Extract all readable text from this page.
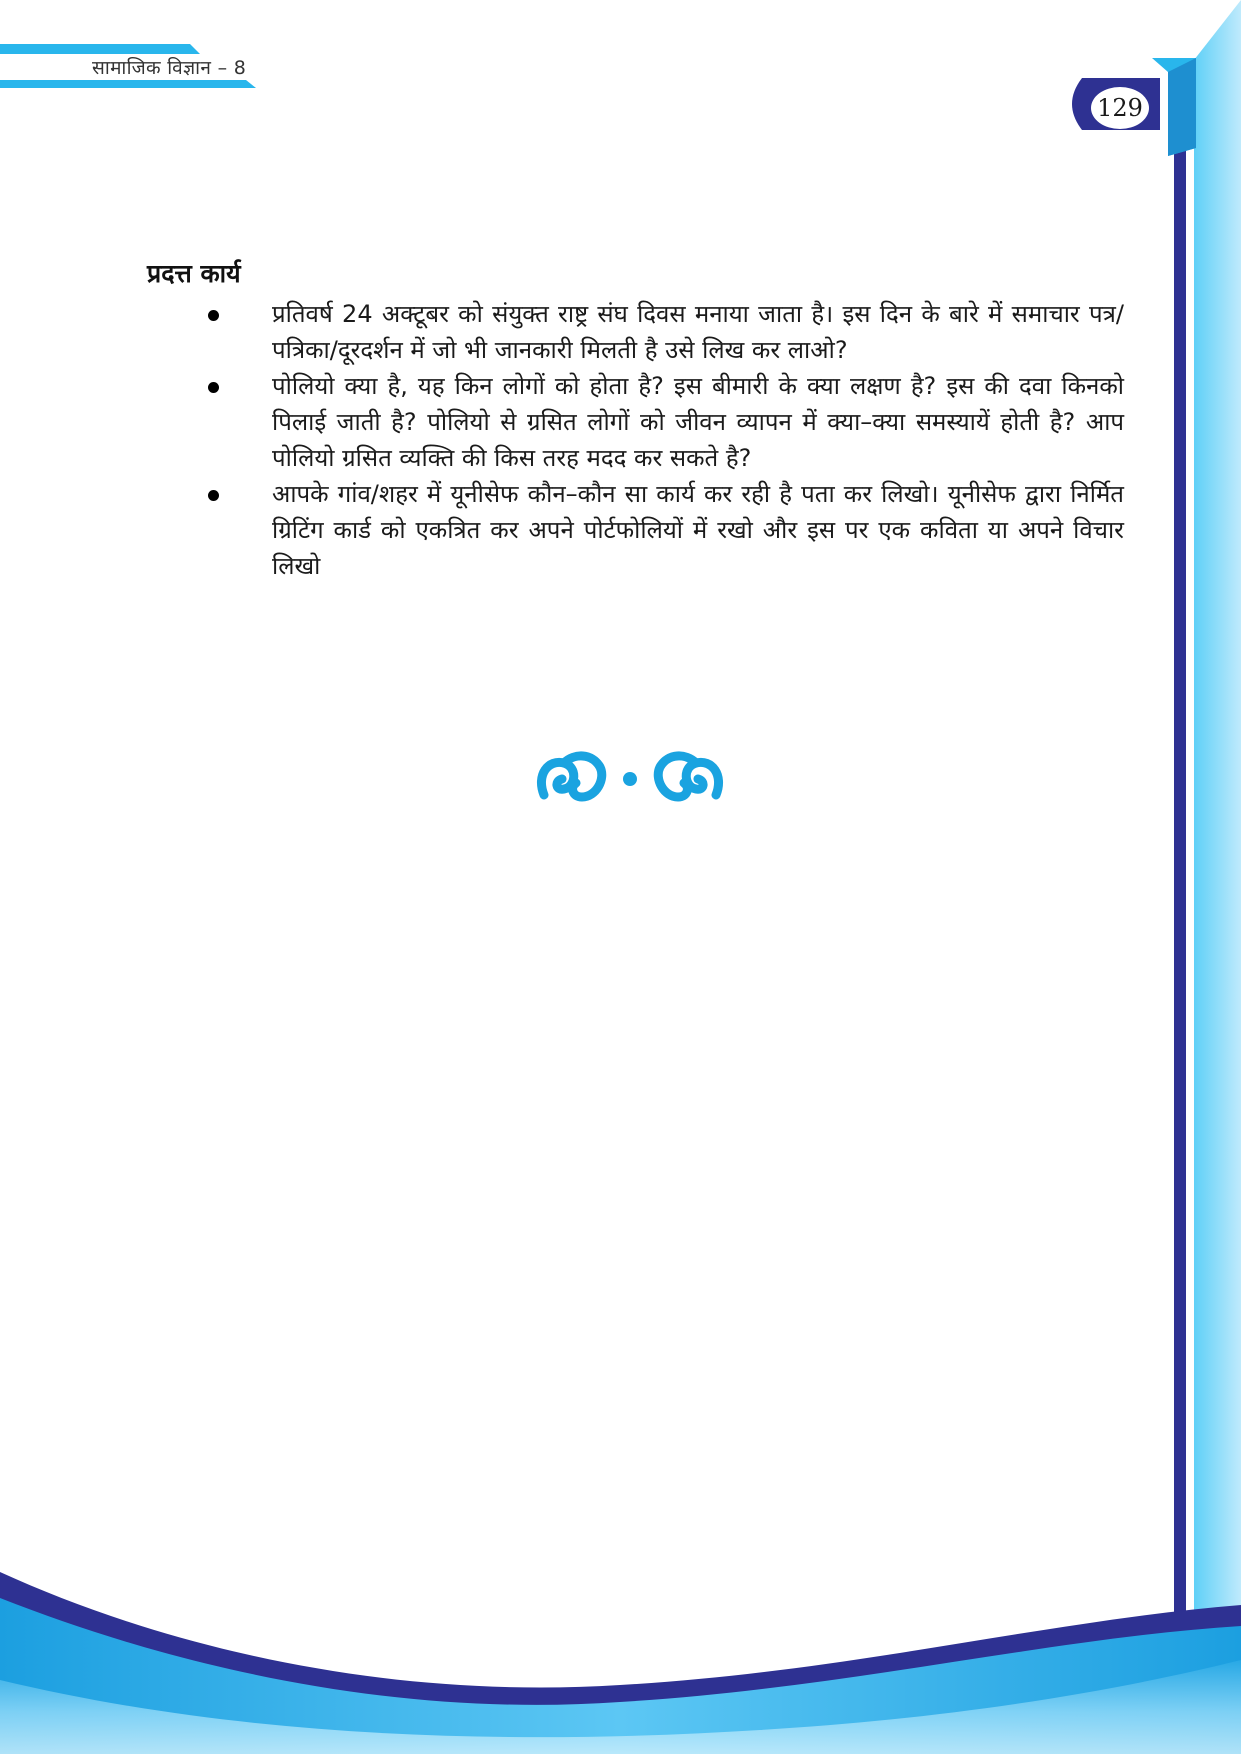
सामाजिक विज्ञान – 8
129
प्रदत्त कार्य
प्रतिवर्ष 24 अक्टूबर को संयुक्त राष्ट्र संघ दिवस मनाया जाता है। इस दिन के बारे में समाचार पत्र/पत्रिका/दूरदर्शन में जो भी जानकारी मिलती है उसे लिख कर लाओ?
पोलियो क्या है, यह किन लोगों को होता है? इस बीमारी के क्या लक्षण है? इस की दवा किनको पिलाई जाती है? पोलियो से ग्रसित लोगों को जीवन व्यापन में क्या–क्या समस्यायें होती है? आप पोलियो ग्रसित व्यक्ति की किस तरह मदद कर सकते है?
आपके गांव/शहर में यूनीसेफ कौन–कौन सा कार्य कर रही है पता कर लिखो। यूनीसेफ द्वारा निर्मित ग्रिटिंग कार्ड को एकत्रित कर अपने पोर्टफोलियों में रखो और इस पर एक कविता या अपने विचार लिखो
